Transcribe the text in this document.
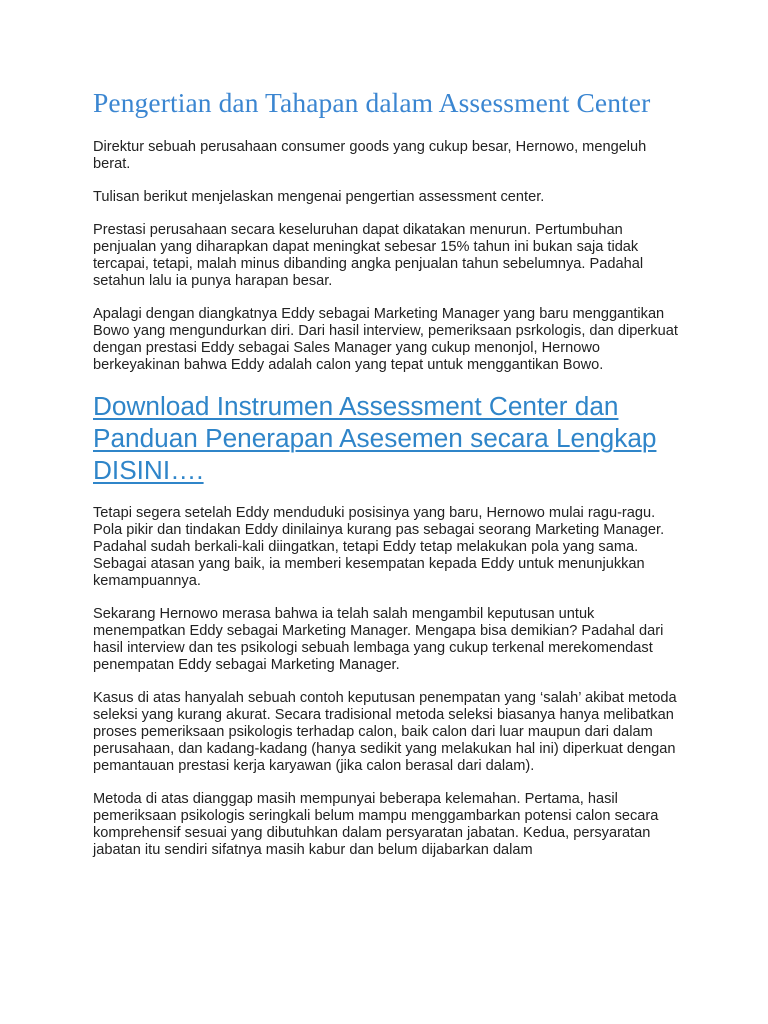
Pengertian dan Tahapan dalam Assessment Center

Direktur sebuah perusahaan consumer goods yang cukup besar, Hernowo, mengeluh berat.

Tulisan berikut menjelaskan mengenai pengertian assessment center.

Prestasi perusahaan secara keseluruhan dapat dikatakan menurun. Pertumbuhan penjualan yang diharapkan dapat meningkat sebesar 15% tahun ini bukan saja tidak tercapai, tetapi, malah minus dibanding angka penjualan tahun sebelumnya. Padahal setahun lalu ia punya harapan besar.

Apalagi dengan diangkatnya Eddy sebagai Marketing Manager yang baru menggantikan Bowo yang mengundurkan diri. Dari hasil interview, pemeriksaan psrkologis, dan diperkuat dengan prestasi Eddy sebagai Sales Manager yang cukup menonjol, Hernowo berkeyakinan bahwa Eddy adalah calon yang tepat untuk menggantikan Bowo.

Download Instrumen Assessment Center dan Panduan Penerapan Asesemen secara Lengkap DISINI….

Tetapi segera setelah Eddy menduduki posisinya yang baru, Hernowo mulai ragu-ragu. Pola pikir dan tindakan Eddy dinilainya kurang pas sebagai seorang Marketing Manager. Padahal sudah berkali-kali diingatkan, tetapi Eddy tetap melakukan pola yang sama. Sebagai atasan yang baik, ia memberi kesempatan kepada Eddy untuk menunjukkan kemampuannya.

Sekarang Hernowo merasa bahwa ia telah salah mengambil keputusan untuk menempatkan Eddy sebagai Marketing Manager. Mengapa bisa demikian? Padahal dari hasil interview dan tes psikologi sebuah lembaga yang cukup terkenal merekomendast penempatan Eddy sebagai Marketing Manager.

Kasus di atas hanyalah sebuah contoh keputusan penempatan yang ‘salah’ akibat metoda seleksi yang kurang akurat. Secara tradisional metoda seleksi biasanya hanya melibatkan proses pemeriksaan psikologis terhadap calon, baik calon dari luar maupun dari dalam perusahaan, dan kadang-kadang (hanya sedikit yang melakukan hal ini) diperkuat dengan pemantauan prestasi kerja karyawan (jika calon berasal dari dalam).

Metoda di atas dianggap masih mempunyai beberapa kelemahan. Pertama, hasil pemeriksaan psikologis seringkali belum mampu menggambarkan potensi calon secara komprehensif sesuai yang dibutuhkan dalam persyaratan jabatan. Kedua, persyaratan jabatan itu sendiri sifatnya masih kabur dan belum dijabarkan dalam
